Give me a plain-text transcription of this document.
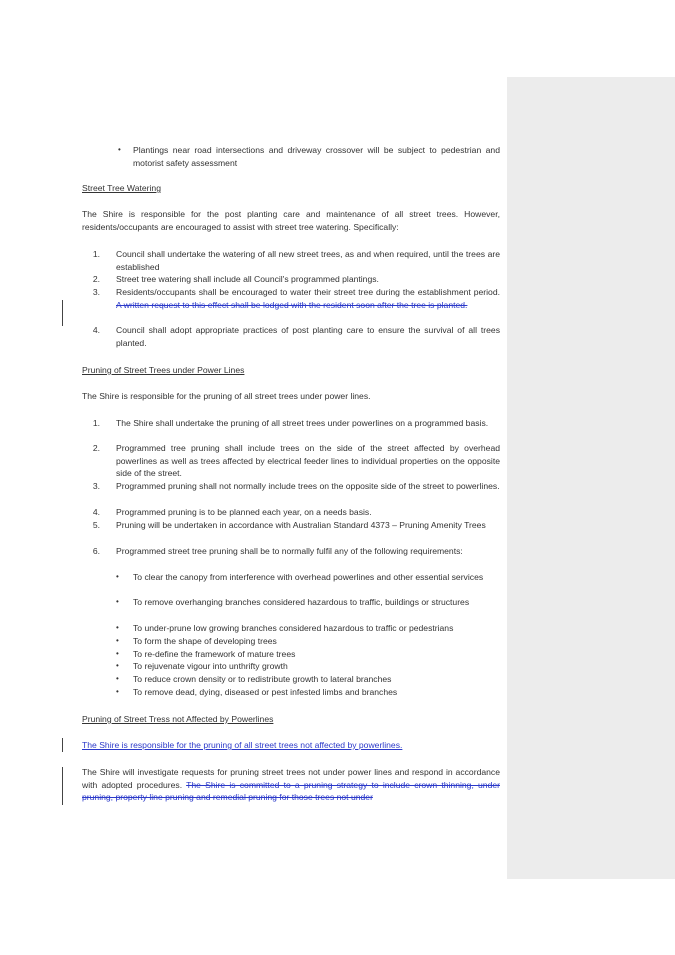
• Plantings near road intersections and driveway crossover will be subject to pedestrian and motorist safety assessment
Street Tree Watering
The Shire is responsible for the post planting care and maintenance of all street trees. However, residents/occupants are encouraged to assist with street tree watering. Specifically:
1. Council shall undertake the watering of all new street trees, as and when required, until the trees are established
2. Street tree watering shall include all Council's programmed plantings.
3. Residents/occupants shall be encouraged to water their street tree during the establishment period. A written request to this effect shall be lodged with the resident soon after the tree is planted.
4. Council shall adopt appropriate practices of post planting care to ensure the survival of all trees planted.
Pruning of Street Trees under Power Lines
The Shire is responsible for the pruning of all street trees under power lines.
1. The Shire shall undertake the pruning of all street trees under powerlines on a programmed basis.
2. Programmed tree pruning shall include trees on the side of the street affected by overhead powerlines as well as trees affected by electrical feeder lines to individual properties on the opposite side of the street.
3. Programmed pruning shall not normally include trees on the opposite side of the street to powerlines.
4. Programmed pruning is to be planned each year, on a needs basis.
5. Pruning will be undertaken in accordance with Australian Standard 4373 – Pruning Amenity Trees
6. Programmed street tree pruning shall be to normally fulfil any of the following requirements:
• To clear the canopy from interference with overhead powerlines and other essential services
• To remove overhanging branches considered hazardous to traffic, buildings or structures
• To under-prune low growing branches considered hazardous to traffic or pedestrians
• To form the shape of developing trees
• To re-define the framework of mature trees
• To rejuvenate vigour into unthrifty growth
• To reduce crown density or to redistribute growth to lateral branches
• To remove dead, dying, diseased or pest infested limbs and branches
Pruning of Street Tress not Affected by Powerlines
The Shire is responsible for the pruning of all street trees not affected by powerlines.
The Shire will investigate requests for pruning street trees not under power lines and respond in accordance with adopted procedures. The Shire is committed to a pruning strategy to include crown thinning, under pruning, property line pruning and remedial pruning for those trees not under
